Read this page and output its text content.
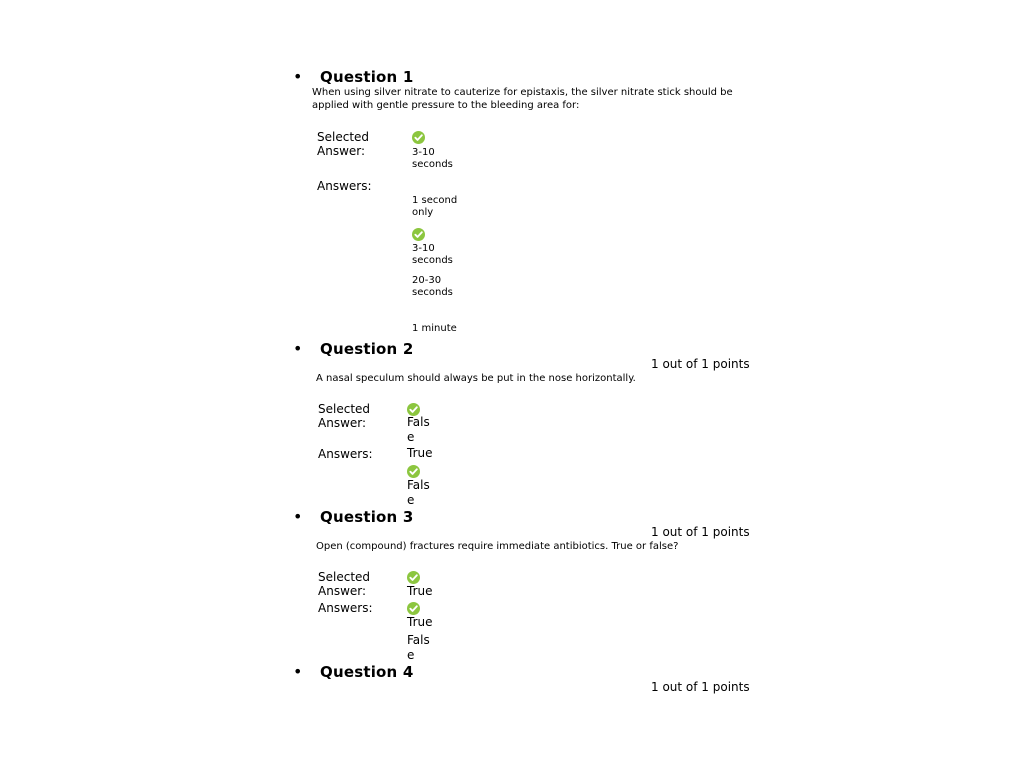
• Question 1
When using silver nitrate to cauterize for epistaxis, the silver nitrate stick should be applied with gentle pressure to the bleeding area for:
Selected Answer:	3-10 seconds
Answers:
1 second only
3-10 seconds
20-30 seconds
1 minute
• Question 2
1 out of 1 points
A nasal speculum should always be put in the nose horizontally.
Selected Answer:	False
Answers:	True
False
• Question 3
1 out of 1 points
Open (compound) fractures require immediate antibiotics. True or false?
Selected Answer:	True
Answers:
True
False
• Question 4
1 out of 1 points
